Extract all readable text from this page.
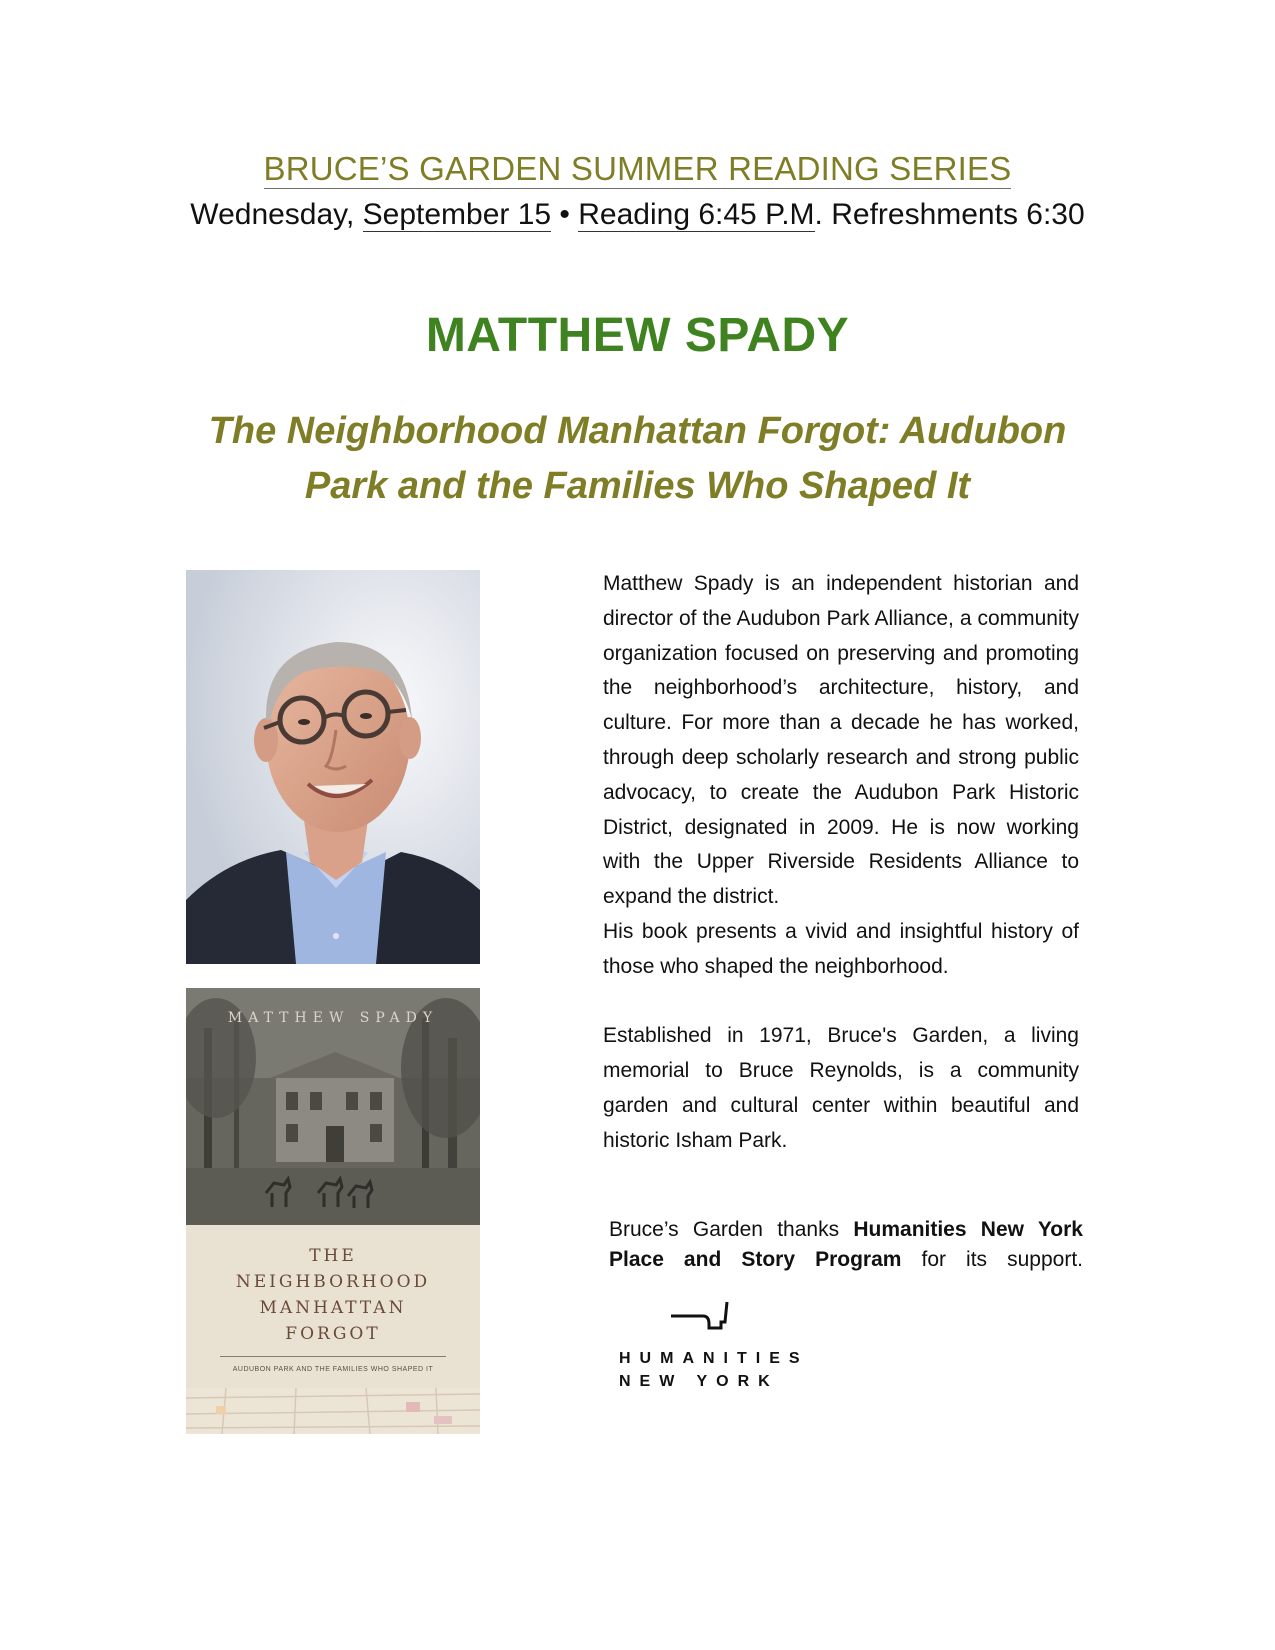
BRUCE’S GARDEN SUMMER READING SERIES
Wednesday, September 15 • Reading 6:45 P.M. Refreshments 6:30
MATTHEW SPADY
The Neighborhood Manhattan Forgot: Audubon Park and the Families Who Shaped It
MATTHEW SPADY
THE
NEIGHBORHOOD
MANHATTAN
FORGOT
AUDUBON PARK AND THE FAMILIES WHO SHAPED IT

Matthew Spady is an independent historian and director of the Audubon Park Alliance, a community organization focused on preserving and promoting the neighborhood’s architecture, history, and culture. For more than a decade he has worked, through deep scholarly research and strong public advocacy, to create the Audubon Park Historic District, designated in 2009. He is now working with the Upper Riverside Residents Alliance to expand the district.

His book presents a vivid and insightful history of those who shaped the neighborhood.

Established in 1971, Bruce's Garden, a living memorial to Bruce Reynolds, is a community garden and cultural center within beautiful and historic Isham Park.

Bruce’s Garden thanks Humanities New York Place and Story Program for its support.
HUMANITIES
NEW YORK
